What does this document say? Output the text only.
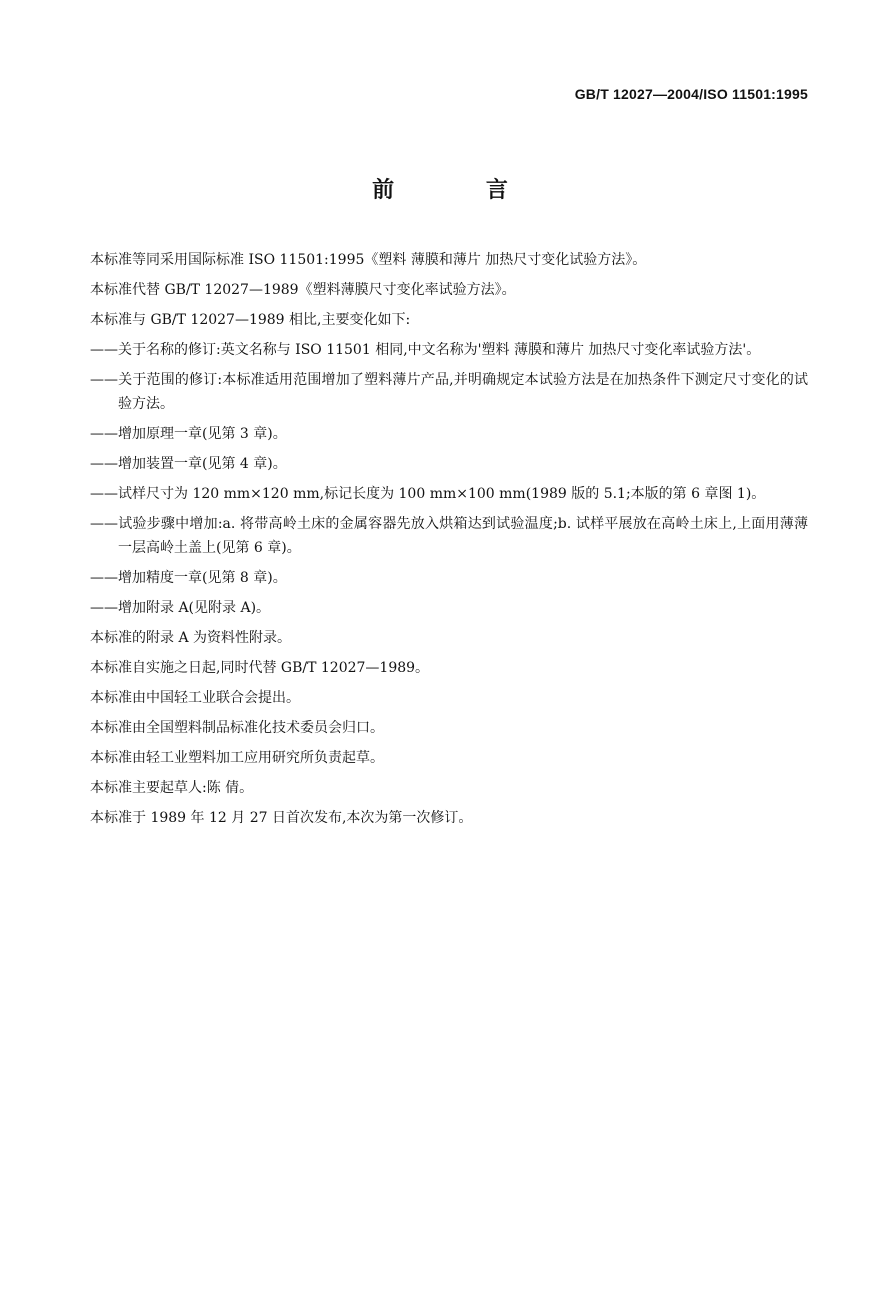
GB/T 12027—2004/ISO 11501:1995
前 言

本标准等同采用国际标准 ISO 11501:1995《塑料 薄膜和薄片 加热尺寸变化试验方法》。

本标准代替 GB/T 12027—1989《塑料薄膜尺寸变化率试验方法》。

本标准与 GB/T 12027—1989 相比,主要变化如下:

——关于名称的修订:英文名称与 ISO 11501 相同,中文名称为'塑料 薄膜和薄片 加热尺寸变化率试验方法'。

——关于范围的修订:本标准适用范围增加了塑料薄片产品,并明确规定本试验方法是在加热条件下测定尺寸变化的试验方法。

——增加原理一章(见第 3 章)。

——增加装置一章(见第 4 章)。

——试样尺寸为 120 mm×120 mm,标记长度为 100 mm×100 mm(1989 版的 5.1;本版的第 6 章图 1)。

——试验步骤中增加:a. 将带高岭土床的金属容器先放入烘箱达到试验温度;b. 试样平展放在高岭土床上,上面用薄薄一层高岭土盖上(见第 6 章)。

——增加精度一章(见第 8 章)。

——增加附录 A(见附录 A)。

本标准的附录 A 为资料性附录。

本标准自实施之日起,同时代替 GB/T 12027—1989。

本标准由中国轻工业联合会提出。

本标准由全国塑料制品标准化技术委员会归口。

本标准由轻工业塑料加工应用研究所负责起草。

本标准主要起草人:陈 倩。

本标准于 1989 年 12 月 27 日首次发布,本次为第一次修订。
